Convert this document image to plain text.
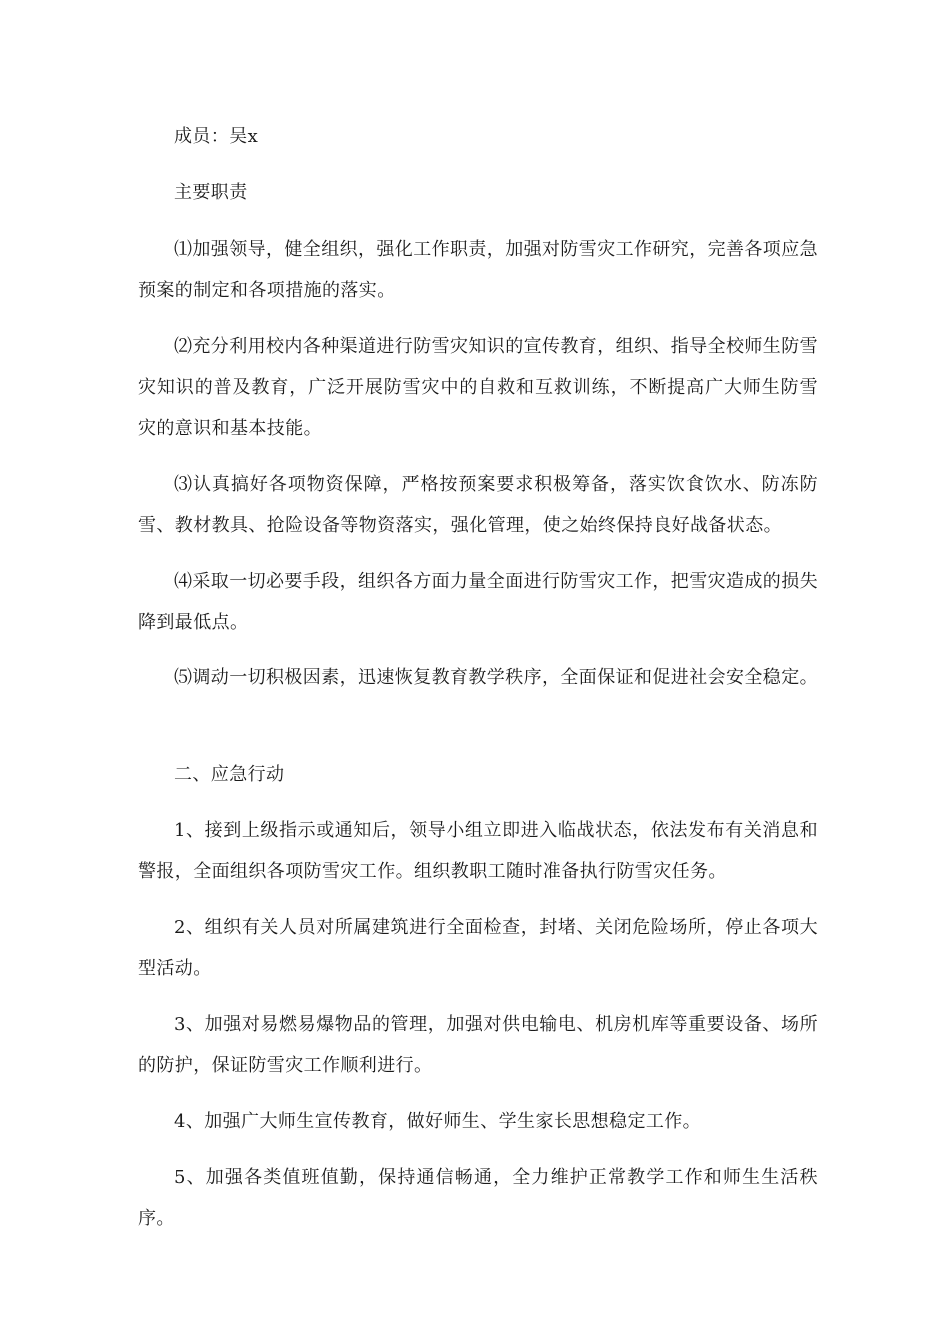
成员：吴x

主要职责

⑴加强领导，健全组织，强化工作职责，加强对防雪灾工作研究，完善各项应急预案的制定和各项措施的落实。

⑵充分利用校内各种渠道进行防雪灾知识的宣传教育，组织、指导全校师生防雪灾知识的普及教育，广泛开展防雪灾中的自救和互救训练，不断提高广大师生防雪灾的意识和基本技能。

⑶认真搞好各项物资保障，严格按预案要求积极筹备，落实饮食饮水、防冻防雪、教材教具、抢险设备等物资落实，强化管理，使之始终保持良好战备状态。

⑷采取一切必要手段，组织各方面力量全面进行防雪灾工作，把雪灾造成的损失降到最低点。

⑸调动一切积极因素，迅速恢复教育教学秩序，全面保证和促进社会安全稳定。

二、应急行动

1、接到上级指示或通知后，领导小组立即进入临战状态，依法发布有关消息和警报，全面组织各项防雪灾工作。组织教职工随时准备执行防雪灾任务。

2、组织有关人员对所属建筑进行全面检查，封堵、关闭危险场所，停止各项大型活动。

3、加强对易燃易爆物品的管理，加强对供电输电、机房机库等重要设备、场所的防护，保证防雪灾工作顺利进行。

4、加强广大师生宣传教育，做好师生、学生家长思想稳定工作。

5、加强各类值班值勤，保持通信畅通，全力维护正常教学工作和师生生活秩序。
